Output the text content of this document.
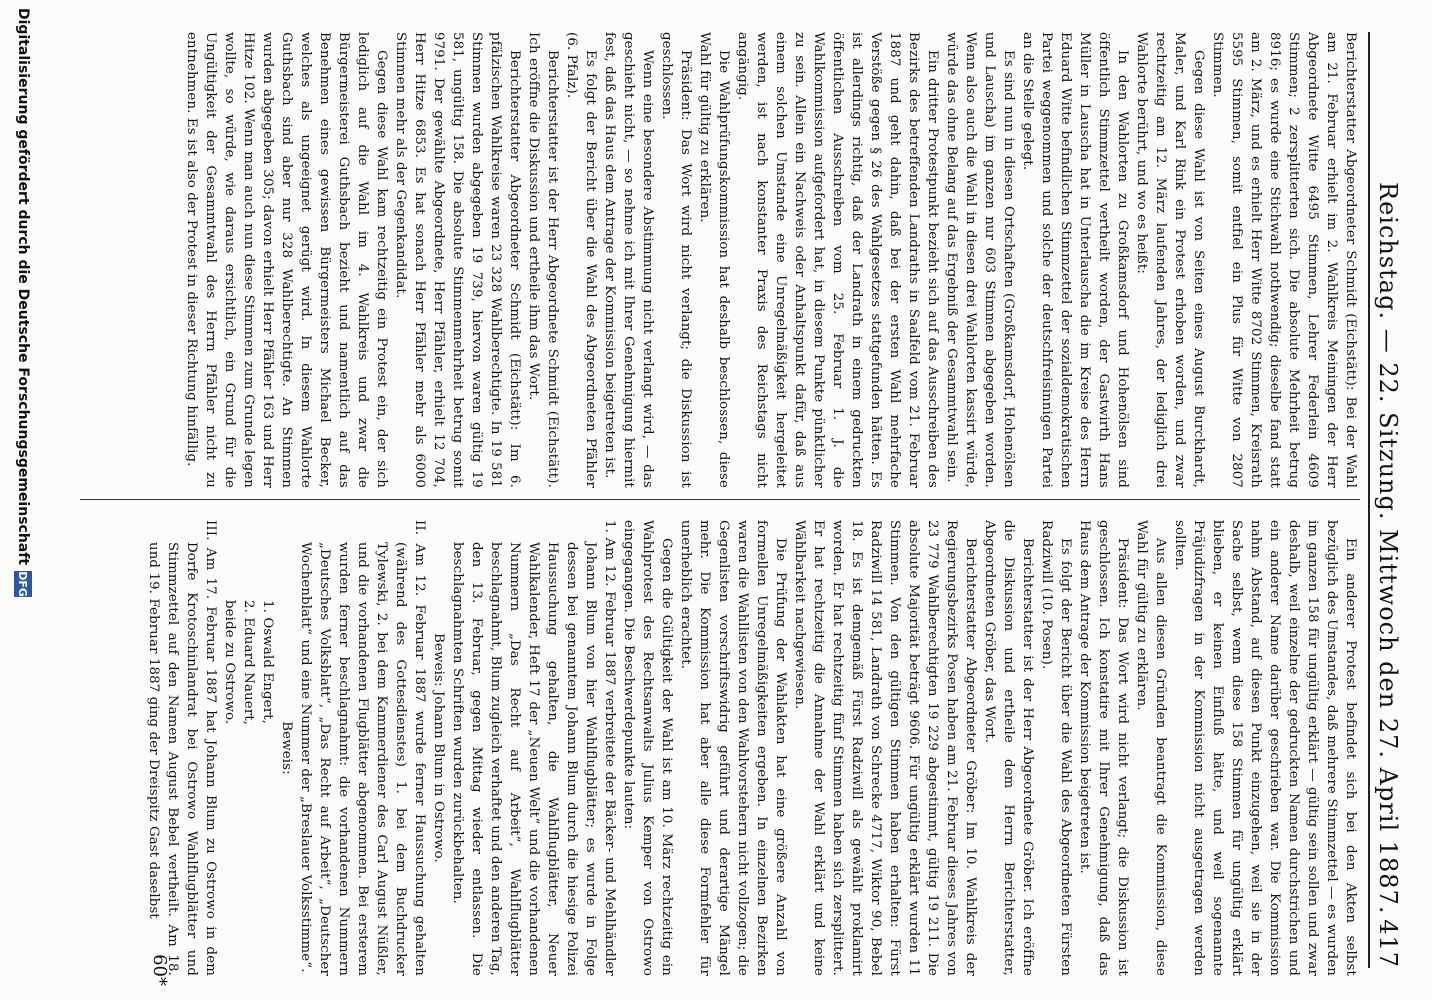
Reichstag. — 22. Sitzung. Mittwoch den 27. April 1887.
417

Berichterstatter Abgeordneter Schmidt (Eichstätt): Bei der Wahl am 21. Februar erhielt im 2. Wahlkreis Meiningen der Herr Abgeordnete Witte 6495 Stimmen, Lehrer Federlein 4609 Stimmen; 2 zersplitterten sich. Die absolute Mehrheit betrug 8916; es wurde eine Stichwahl nothwendig; dieselbe fand statt am 2. März, und es erhielt Herr Witte 8702 Stimmen, Kreisrath 5595 Stimmen, somit entfiel ein Plus für Witte von 2807 Stimmen.

Gegen diese Wahl ist von Seiten eines August Burckhardt, Maler, und Karl Rink ein Protest erhoben worden, und zwar rechtzeitig am 12. März laufenden Jahres, der lediglich drei Wahlorte berührt, und wo es heißt:

In den Wahlorten zu Großkamsdorf und Hohenölsen sind öffentlich Stimmzettel vertheilt worden, der Gastwirth Hans Müller in Lauscha hat in Unterlauscha die im Kreise des Herrn Eduard Witte befindlichen Stimmzettel der sozialdemokratischen Partei weggenommen und solche der deutschfreisinnigen Partei an die Stelle gelegt.

Es sind nun in diesen Ortschaften (Großkamsdorf, Hohenölsen und Lauscha) im ganzen nur 603 Stimmen abgegeben worden. Wenn also auch die Wahl in diesen drei Wahlorten kassirt würde, würde das ohne Belang auf das Ergebniß der Gesammtwahl sein.

Ein dritter Protestpunkt bezieht sich auf das Ausschreiben des Bezirks des betreffenden Landraths in Saalfeld vom 21. Februar 1887 und geht dahin, daß bei der ersten Wahl mehrfache Verstöße gegen § 26 des Wahlgesetzes stattgefunden hätten. Es ist allerdings richtig, daß der Landrath in einem gedruckten öffentlichen Ausschreiben vom 25. Februar 1. J. die Wahlkommission aufgefordert hat, in diesem Punkte pünktlicher zu sein. Allein ein Nachweis oder Anhaltspunkt dafür, daß aus einem solchen Umstande eine Unregelmäßigkeit hergeleitet werden, ist nach konstanter Praxis des Reichstags nicht angängig.

Die Wahlprüfungskommission hat deshalb beschlossen, diese Wahl für gültig zu erklären.

Präsident: Das Wort wird nicht verlangt; die Diskussion ist geschlossen.

Wenn eine besondere Abstimmung nicht verlangt wird, — das geschieht nicht, — so nehme ich mit Ihrer Genehmigung hiermit fest, daß das Haus dem Antrage der Kommission beigetreten ist.

Es folgt der Bericht über die Wahl des Abgeordneten Pfähler (6. Pfalz).

Berichterstatter ist der Herr Abgeordnete Schmidt (Eichstätt). Ich eröffne die Diskussion und ertheile ihm das Wort.

Berichterstatter Abgeordneter Schmidt (Eichstätt): Im 6. pfälzischen Wahlkreise waren 23 328 Wahlberechtigte. In 19 581 Stimmen wurden abgegeben 19 739, hiervon waren gültig 19 581, ungültig 158. Die absolute Stimmenmehrheit betrug somit 9791. Der gewählte Abgeordnete, Herr Pfähler, erhielt 12 704, Herr Hitze 6853. Es hat sonach Herr Pfähler mehr als 6000 Stimmen mehr als der Gegenkandidat.

Gegen diese Wahl kam rechtzeitig ein Protest ein, der sich lediglich auf die Wahl im 4. Wahlkreis und zwar die Bürgermeisterei Guthsbach bezieht und namentlich auf das Benehmen eines gewissen Bürgermeisters Michael Becker, welches als ungeeignet gerügt wird. In diesem Wahlorte Guthsbach sind aber nur 328 Wahlberechtigte. An Stimmen wurden abgegeben 305; davon erhielt Herr Pfähler 163 und Herr Hitze 102. Wenn man auch nun diese Stimmen zum Grunde legen wollte, so würde, wie daraus ersichtlich, ein Grund für die Ungültigkeit der Gesammtwahl des Herrn Pfähler nicht zu entnehmen. Es ist also der Protest in dieser Richtung hinfällig.

Ein anderer Protest befindet sich bei den Akten selbst bezüglich des Umstandes, daß mehrere Stimmzettel — es wurden im ganzen 158 für ungültig erklärt — gültig sein sollen und zwar deshalb, weil einzelne der gedruckten Namen durchstrichen und ein anderer Name darüber geschrieben war. Die Kommission nahm Abstand, auf diesen Punkt einzugehen, weil sie in der Sache selbst, wenn diese 158 Stimmen für ungültig erklärt blieben, er keinen Einfluß hätte, und weil sogenannte Präjudizfragen in der Kommission nicht ausgetragen werden sollten.

Aus allen diesen Gründen beantragt die Kommission, diese Wahl für gültig zu erklären.

Präsident: Das Wort wird nicht verlangt; die Diskussion ist geschlossen. Ich konstatire mit Ihrer Genehmigung, daß das Haus dem Antrage der Kommission beigetreten ist.

Es folgt der Bericht über die Wahl des Abgeordneten Fürsten Radziwill (10. Posen).

Berichterstatter ist der Herr Abgeordnete Gröber. Ich eröffne die Diskussion und ertheile dem Herrn Berichterstatter, Abgeordneten Gröber, das Wort.

Berichterstatter Abgeordneter Gröber: Im 10. Wahlkreis der Regierungsbezirks Posen haben am 21. Februar dieses Jahres von 23 779 Wahlberechtigten 19 229 abgestimmt, gültig 19 211. Die absolute Majorität beträgt 9606. Für ungültig erklärt wurden 11 Stimmen. Von den gültigen Stimmen haben erhalten: Fürst Radziwill 14 581, Landrath von Schrecke 4717, Wiktor 90, Bebel 18. Es ist demgemäß Fürst Radziwill als gewählt proklamirt worden. Er hat rechtzeitig fünf Stimmen haben sich zersplittert. Er hat rechtzeitig die Annahme der Wahl erklärt und keine Wählbarkeit nachgewiesen.

Die Prüfung der Wahlakten hat eine größere Anzahl von formellen Unregelmäßigkeiten ergeben. In einzelnen Bezirken waren die Wahllisten von den Wahlvorstehern nicht vollzogen; die Gegenlisten vorschriftswidrig geführt und derartige Mängel mehr. Die Kommission hat aber alle diese Formfehler für unerheblich erachtet.

Gegen die Gültigkeit der Wahl ist am 10. März rechtzeitig ein Wahlprotest des Rechtsanwalts Julius Kemper von Ostrowo eingegangen. Die Beschwerdepunkte lauten:

1. Am 12. Februar 1887 verbreitete der Bäcker- und Mehlhändler Johann Blum von hier Wahlflugblätter; es wurde in Folge dessen bei genanntem Johann Blum durch die hiesige Polizei Haussuchung gehalten, die Wahlflugblätter, Neuer Wahlkalender, Heft 17 der „Neuen Welt“ und die vorhandenen Nummern „Das Recht auf Arbeit“, Wahlflugblätter beschlagnahmt, Blum zugleich verhaftet und den anderen Tag, den 13. Februar, gegen Mittag wieder entlassen. Die beschlagnahmten Schriften wurden zurückbehalten.

Beweis: Johann Blum in Ostrowo.

II. Am 12. Februar 1887 wurde ferner Haussuchung gehalten (während des Gottesdienstes) 1. bei dem Buchdrucker Tylewski, 2. bei dem Kammerdiener des Carl August Nüßler, und die vorhandenen Flugblätter abgenommen. Bei ersterem wurden ferner beschlagnahmt: die vorhandenen Nummern „Deutsches Volksblatt“, „Das Recht auf Arbeit“, „Deutscher Wochenblatt“ und eine Nummer der „Breslauer Volksstimme“.

Beweis:

1. Oswald Engert,

2. Eduard Nauert,

beide zu Ostrowo.

III. Am 17. Februar 1887 hat Johann Blum zu Ostrowo in dem Dorfe Krotoschinlandrat bei Ostrowo Wahlflugblätter und Stimmzettel auf den Namen August Bebel vertheilt. Am 18. und 19. Februar 1887 ging der Dreispitz Gast daselbst

60*
Digitalisierung gefördert durch die Deutsche Forschungsgemeinschaft
DFG
